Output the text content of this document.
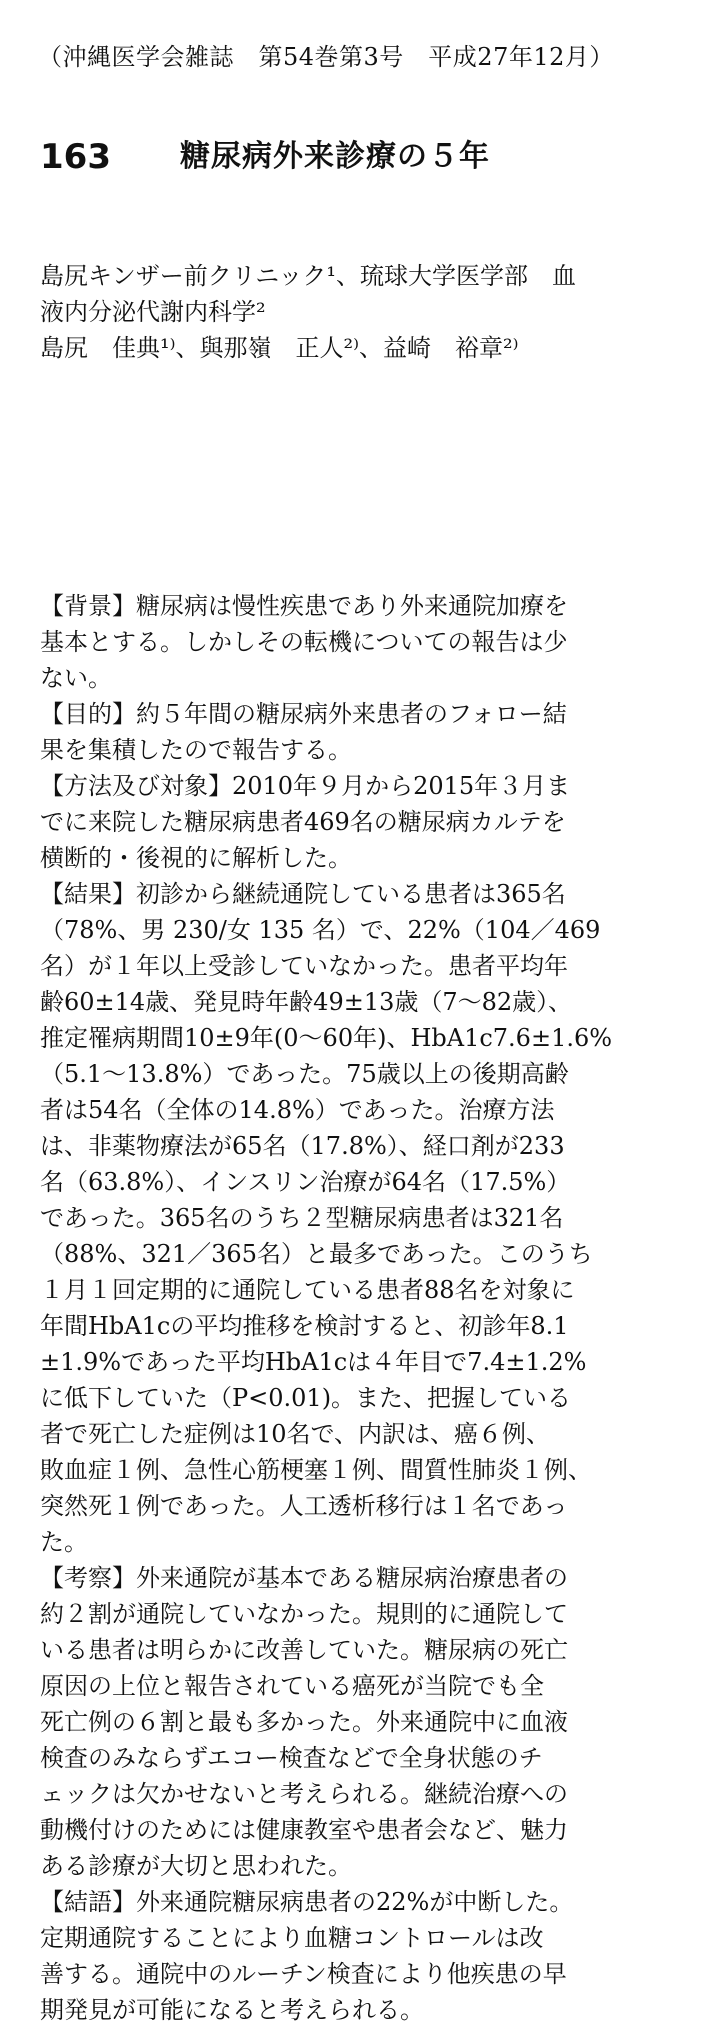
（沖縄医学会雑誌　第54巻第3号　平成27年12月）
163 糖尿病外来診療の５年
島尻キンザー前クリニック¹、琉球大学医学部　血
液内分泌代謝内科学²
島尻　佳典¹⁾、與那嶺　正人²⁾、益崎　裕章²⁾
【背景】糖尿病は慢性疾患であり外来通院加療を
基本とする。しかしその転機についての報告は少
ない。
【目的】約５年間の糖尿病外来患者のフォロー結
果を集積したので報告する。
【方法及び対象】2010年９月から2015年３月ま
でに来院した糖尿病患者469名の糖尿病カルテを
横断的・後視的に解析した。
【結果】初診から継続通院している患者は365名
（78%、男 230/女 135 名）で、22%（104／469
名）が１年以上受診していなかった。患者平均年
齢60±14歳、発見時年齢49±13歳（7〜82歳）、
推定罹病期間10±9年(0〜60年)、HbA1c7.6±1.6%
（5.1〜13.8%）であった。75歳以上の後期高齢
者は54名（全体の14.8%）であった。治療方法
は、非薬物療法が65名（17.8%）、経口剤が233
名（63.8%）、インスリン治療が64名（17.5%）
であった。365名のうち２型糖尿病患者は321名
（88%、321／365名）と最多であった。このうち
１月１回定期的に通院している患者88名を対象に
年間HbA1cの平均推移を検討すると、初診年8.1
±1.9%であった平均HbA1cは４年目で7.4±1.2%
に低下していた（P<0.01)。また、把握している
者で死亡した症例は10名で、内訳は、癌６例、
敗血症１例、急性心筋梗塞１例、間質性肺炎１例、
突然死１例であった。人工透析移行は１名であっ
た。
【考察】外来通院が基本である糖尿病治療患者の
約２割が通院していなかった。規則的に通院して
いる患者は明らかに改善していた。糖尿病の死亡
原因の上位と報告されている癌死が当院でも全
死亡例の６割と最も多かった。外来通院中に血液
検査のみならずエコー検査などで全身状態のチ
ェックは欠かせないと考えられる。継続治療への
動機付けのためには健康教室や患者会など、魅力
ある診療が大切と思われた。
【結語】外来通院糖尿病患者の22%が中断した。
定期通院することにより血糖コントロールは改
善する。通院中のルーチン検査により他疾患の早
期発見が可能になると考えられる。
